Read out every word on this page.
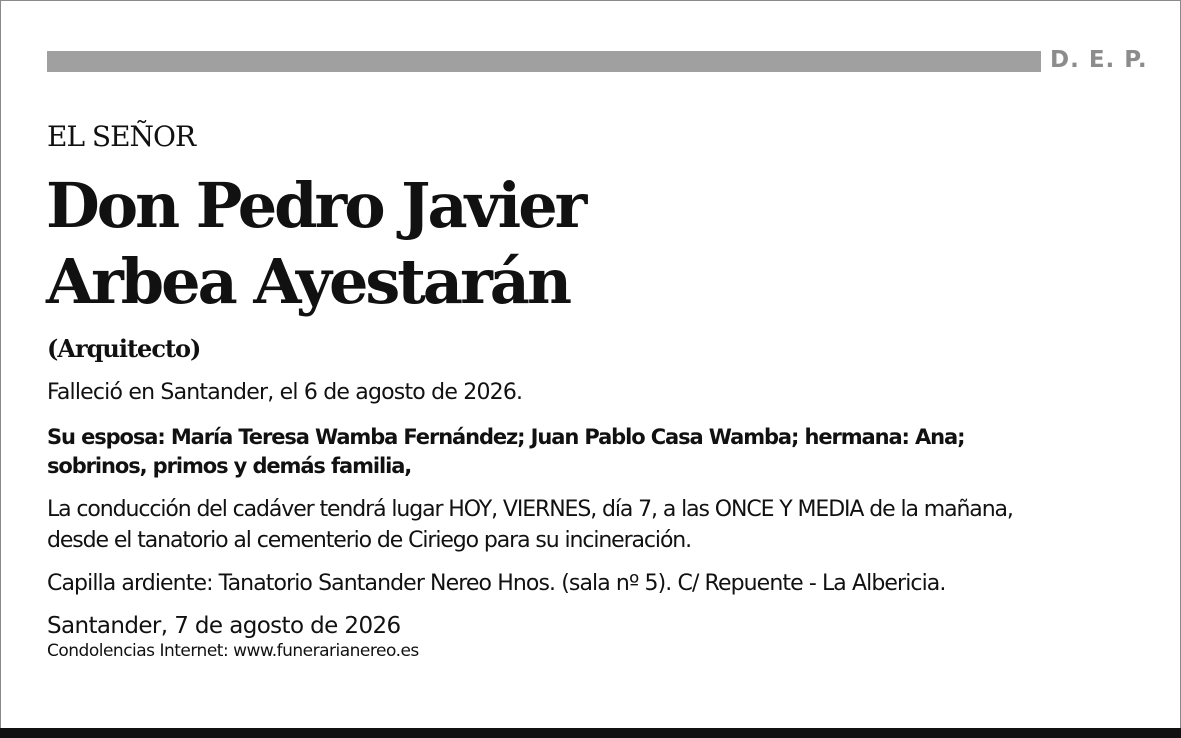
D. E. P.
EL SEÑOR
Don Pedro Javier
Arbea Ayestarán
(Arquitecto)
Falleció en Santander, el 6 de agosto de 2026.
Su esposa: María Teresa Wamba Fernández; Juan Pablo Casa Wamba; hermana: Ana;
sobrinos, primos y demás familia,
La conducción del cadáver tendrá lugar HOY, VIERNES, día 7, a las ONCE Y MEDIA de la mañana,
desde el tanatorio al cementerio de Ciriego para su incineración.
Capilla ardiente: Tanatorio Santander Nereo Hnos. (sala nº 5). C/ Repuente - La Albericia.
Santander, 7 de agosto de 2026
Condolencias Internet: www.funerarianereo.es
